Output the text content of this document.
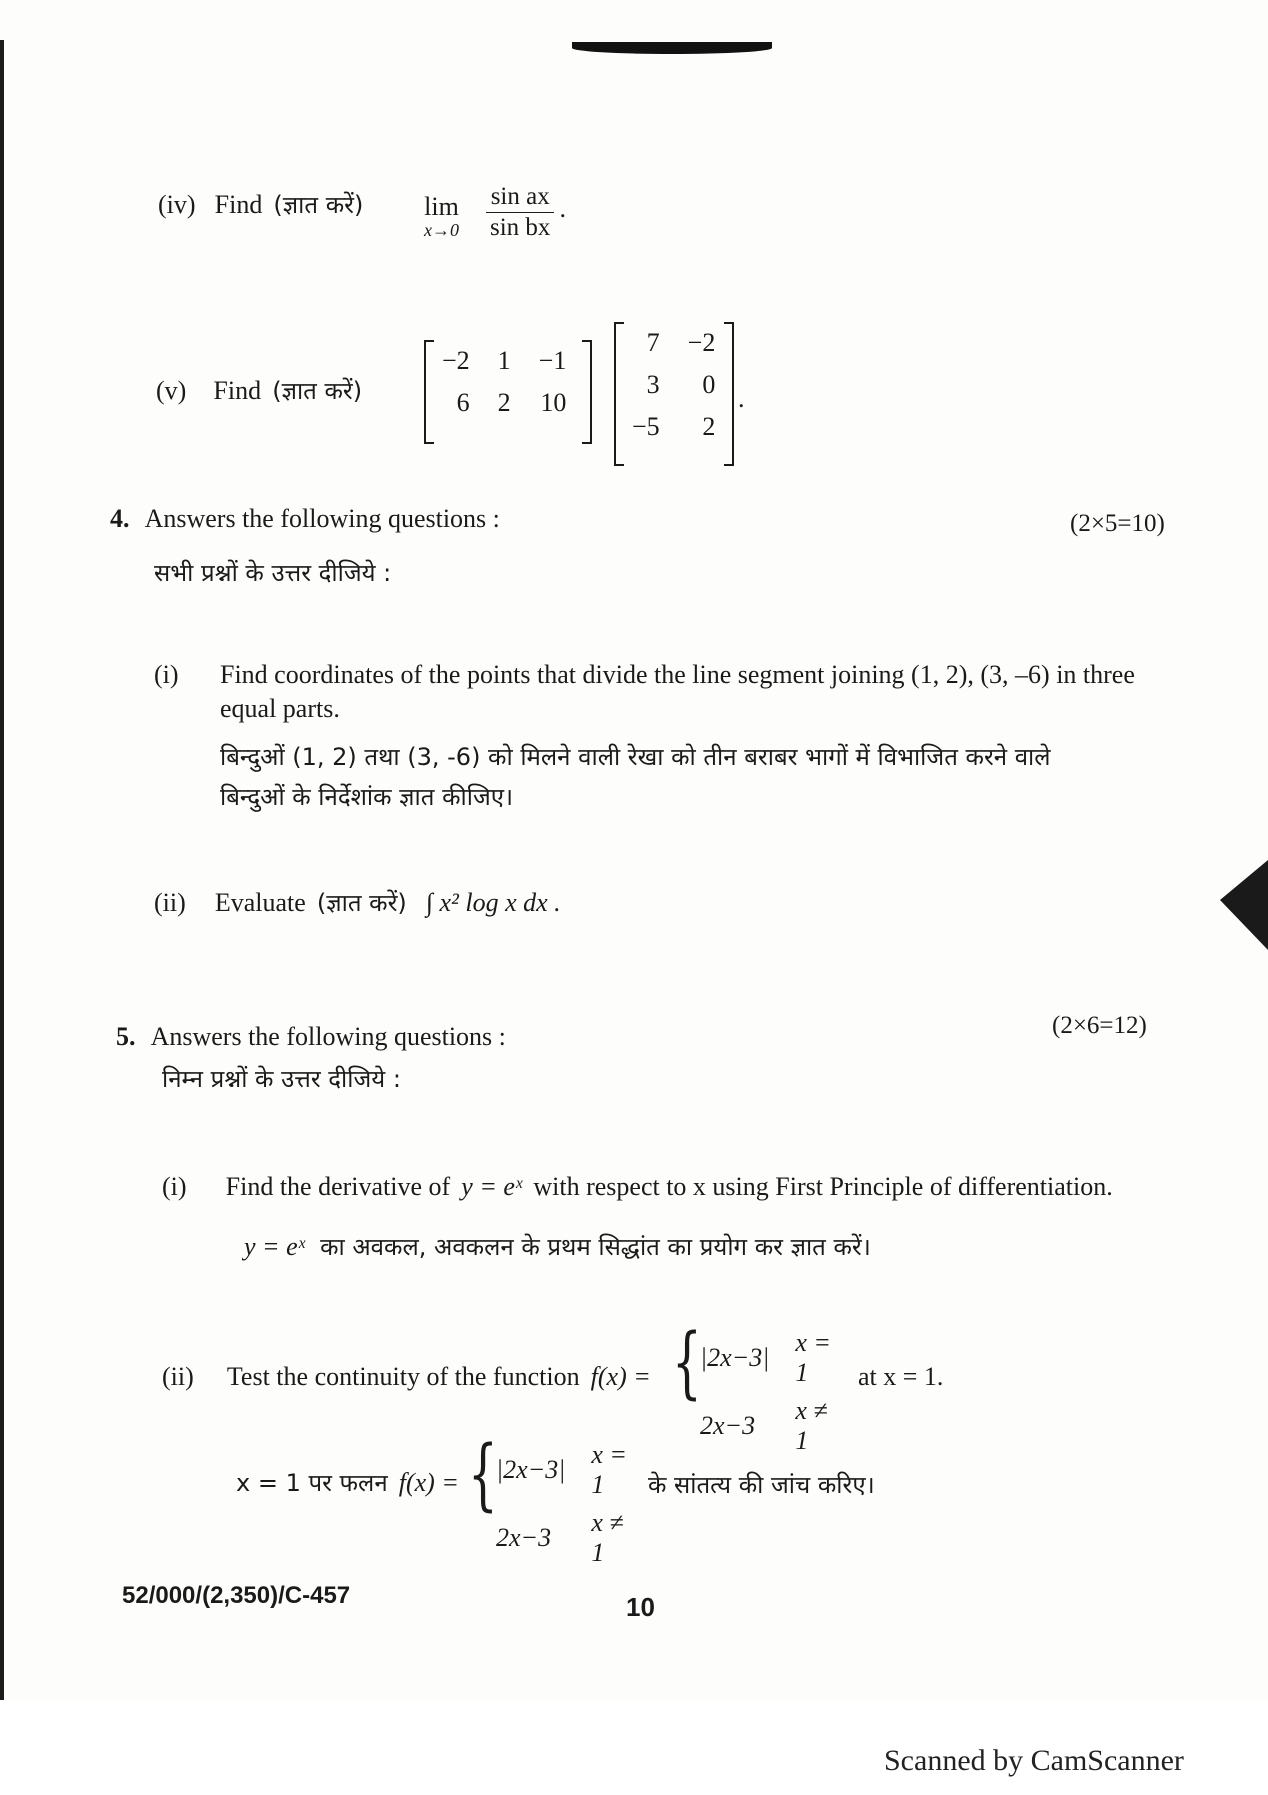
(iv) Find (ज्ञात करें) lim
$x\to 0 \frac{\text{sin ax}}{\text{sin bx}}$ .
(v) Find (ज्ञात करें)
−2	1	−1
6	2	10
7	−2
3	0
−5	2
.
4. Answers the following questions :	(2×5=10)
सभी प्रश्नों के उत्तर दीजिये :
(i) Find coordinates of the points that divide the line segment joining (1, 2), (3, –6) in three
equal parts.
बिन्दुओं (1, 2) तथा (3, -6) को मिलने वाली रेखा को तीन बराबर भागों में विभाजित करने वाले
बिन्दुओं के निर्देशांक ज्ञात कीजिए।
(ii) Evaluate (ज्ञात करें) ∫ x² log x dx .
5. Answers the following questions :	(2×6=12)
निम्न प्रश्नों के उत्तर दीजिये :
(i) Find the derivative of y = eˣ with respect to x using First Principle of differentiation.
y = eˣ का अवकल, अवकलन के प्रथम सिद्धांत का प्रयोग कर ज्ञात करें।
(ii) Test the continuity of the function f(x) = {
|2x−3|	x = 1
2x−3	x ≠ 1
at x = 1.
x = 1 पर फलन f(x) = {
|2x−3|	x = 1
2x−3	x ≠ 1
के सांतत्य की जांच करिए।
52/000/(2,350)/C-457	10
Scanned by CamScanner
